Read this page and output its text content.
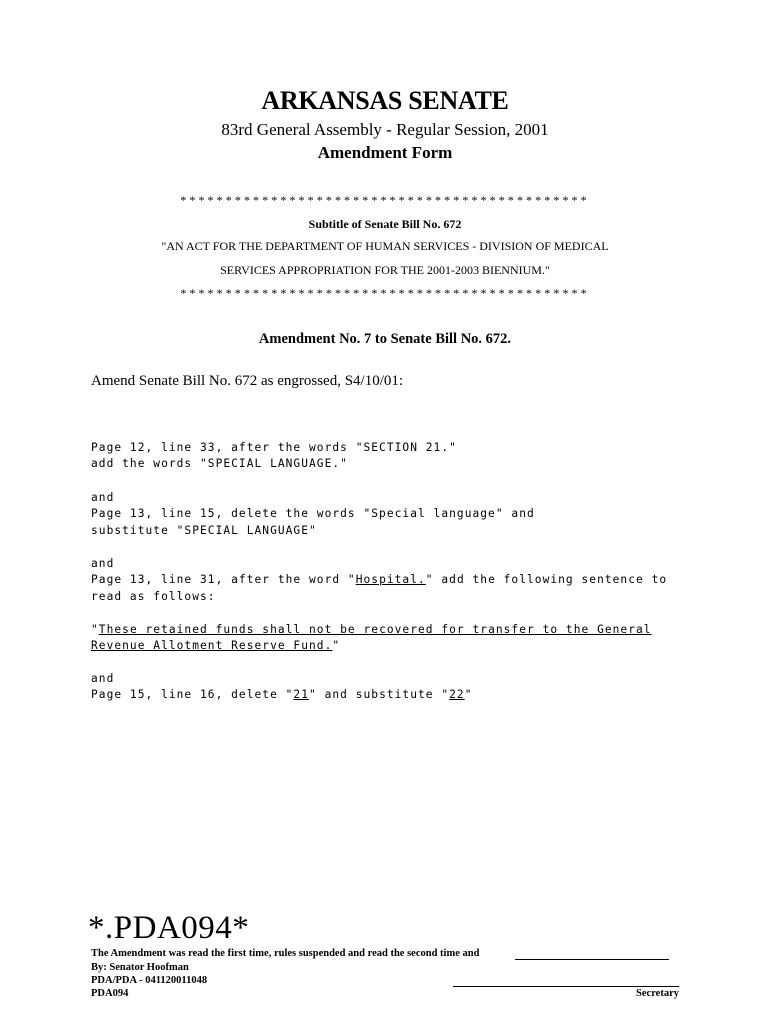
ARKANSAS SENATE
83rd General Assembly - Regular Session, 2001
Amendment Form
*********************************************
Subtitle of Senate Bill No. 672
"AN ACT FOR THE DEPARTMENT OF HUMAN SERVICES - DIVISION OF MEDICAL
SERVICES APPROPRIATION FOR THE 2001-2003 BIENNIUM."
*********************************************
Amendment No. 7 to Senate Bill No. 672.
Amend Senate Bill No. 672 as engrossed, S4/10/01:

Page 12, line 33, after the words "SECTION 21."
add the words "SPECIAL LANGUAGE."

and
Page 13, line 15, delete the words "Special language" and
substitute "SPECIAL LANGUAGE"

and
Page 13, line 31, after the word "Hospital." add the following sentence to
read as follows:

"These retained funds shall not be recovered for transfer to the General
Revenue Allotment Reserve Fund."

and
Page 15, line 16, delete "21" and substitute "22"
*.PDA094*
The Amendment was read the first time, rules suspended and read the second time and
By: Senator Hoofman
PDA/PDA - 041120011048
PDA094	Secretary
